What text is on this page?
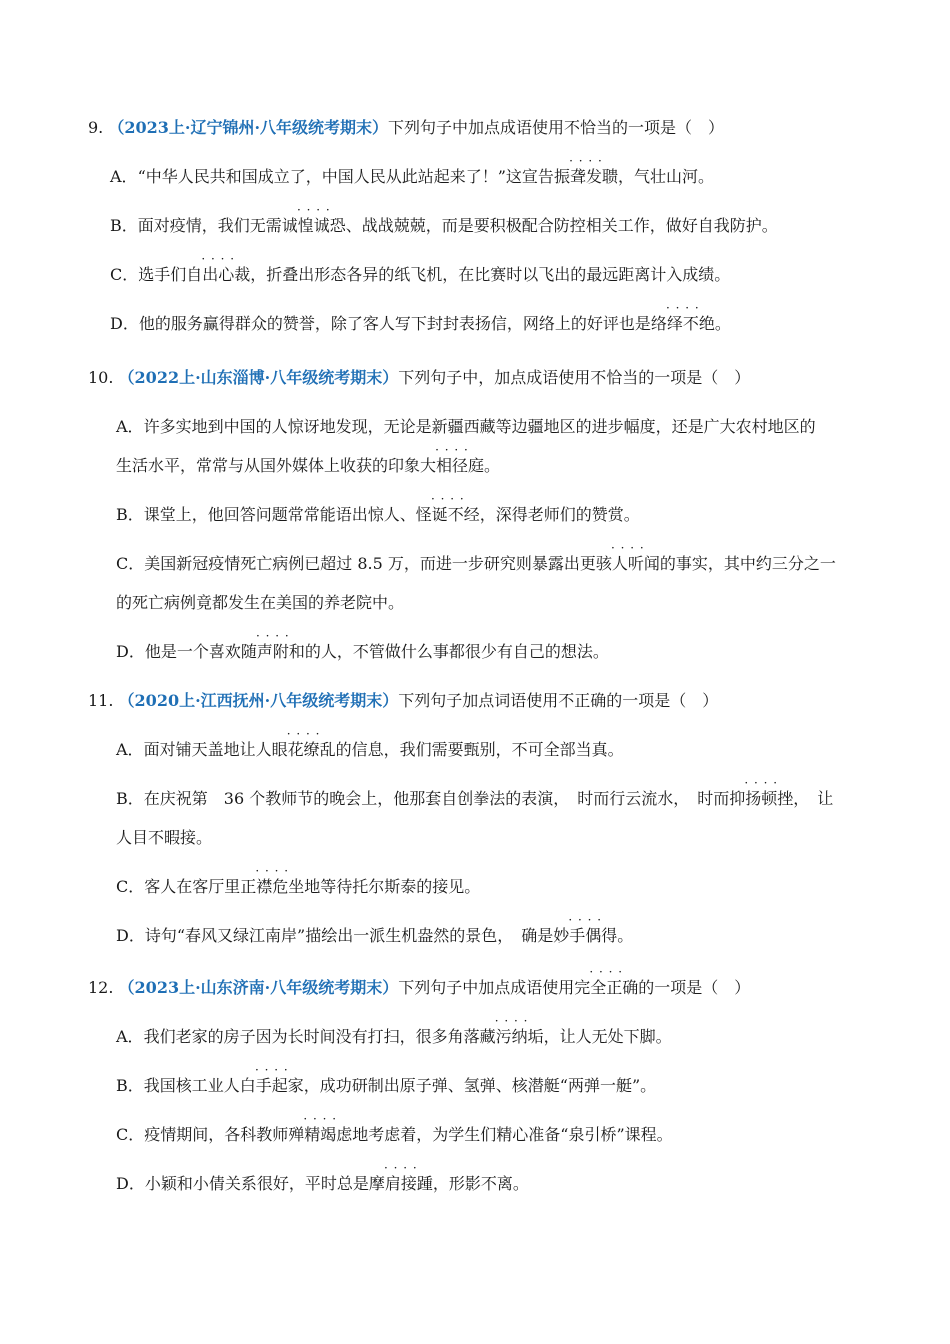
9. （2023上·辽宁锦州·八年级统考期末）下列句子中加点成语使用不恰当的一项是（　）
A．“中华人民共和国成立了，中国人民从此站起来了！”这宣告· · · · 振聋发聩，气壮山河。
B．面对疫情，我们无需· · · · 诚惶诚恐、战战兢兢，而是要积极配合防控相关工作，做好自我防护。
C．选手们· · · · 自出心裁，折叠出形态各异的纸飞机，在比赛时以飞出的最远距离计入成绩。
D．他的服务赢得群众的赞誉，除了客人写下封封表扬信，网络上的好评也是· · · · 络绎不绝。
10. （2022上·山东淄博·八年级统考期末）下列句子中，加点成语使用不恰当的一项是（　）
A．许多实地到中国的人惊讶地发现，无论是新疆西藏等边疆地区的进步幅度，还是广大农村地区的
生活水平，常常与从国外媒体上收获的印象· · · · 大相径庭。
B．课堂上，他回答问题常常能语出惊人、· · · · 怪诞不经，深得老师们的赞赏。
C．美国新冠疫情死亡病例已超过 8.5 万，而进一步研究则暴露出更· · · · 骇人听闻的事实，其中约三分之一
的死亡病例竟都发生在美国的养老院中。
D．他是一个喜欢· · · · 随声附和的人，不管做什么事都很少有自己的想法。
11. （2020上·江西抚州·八年级统考期末）下列句子加点词语使用不正确的一项是（　）
A．面对铺天盖地让人· · · · 眼花缭乱的信息，我们需要甄别，不可全部当真。
B．在庆祝第　36 个教师节的晚会上，他那套自创拳法的表演，　时而行云流水，　时而· · · · 抑扬顿挫，　让
人目不暇接。
C．客人在客厅里· · · · 正襟危坐地等待托尔斯泰的接见。
D．诗句“春风又绿江南岸”描绘出一派生机盎然的景色，　确是· · · · 妙手偶得。
12. （2023上·山东济南·八年级统考期末）下列句子中加点成语使用· · · · 完全正确的一项是（　）
A．我们老家的房子因为长时间没有打扫，很多角落· · · · 藏污纳垢，让人无处下脚。
B．我国核工业人· · · · 白手起家，成功研制出原子弹、氢弹、核潜艇“两弹一艇”。
C．疫情期间，各科教师· · · · 殚精竭虑地考虑着，为学生们精心准备“泉引桥”课程。
D．小颖和小倩关系很好，平时总是· · · · 摩肩接踵，形影不离。
